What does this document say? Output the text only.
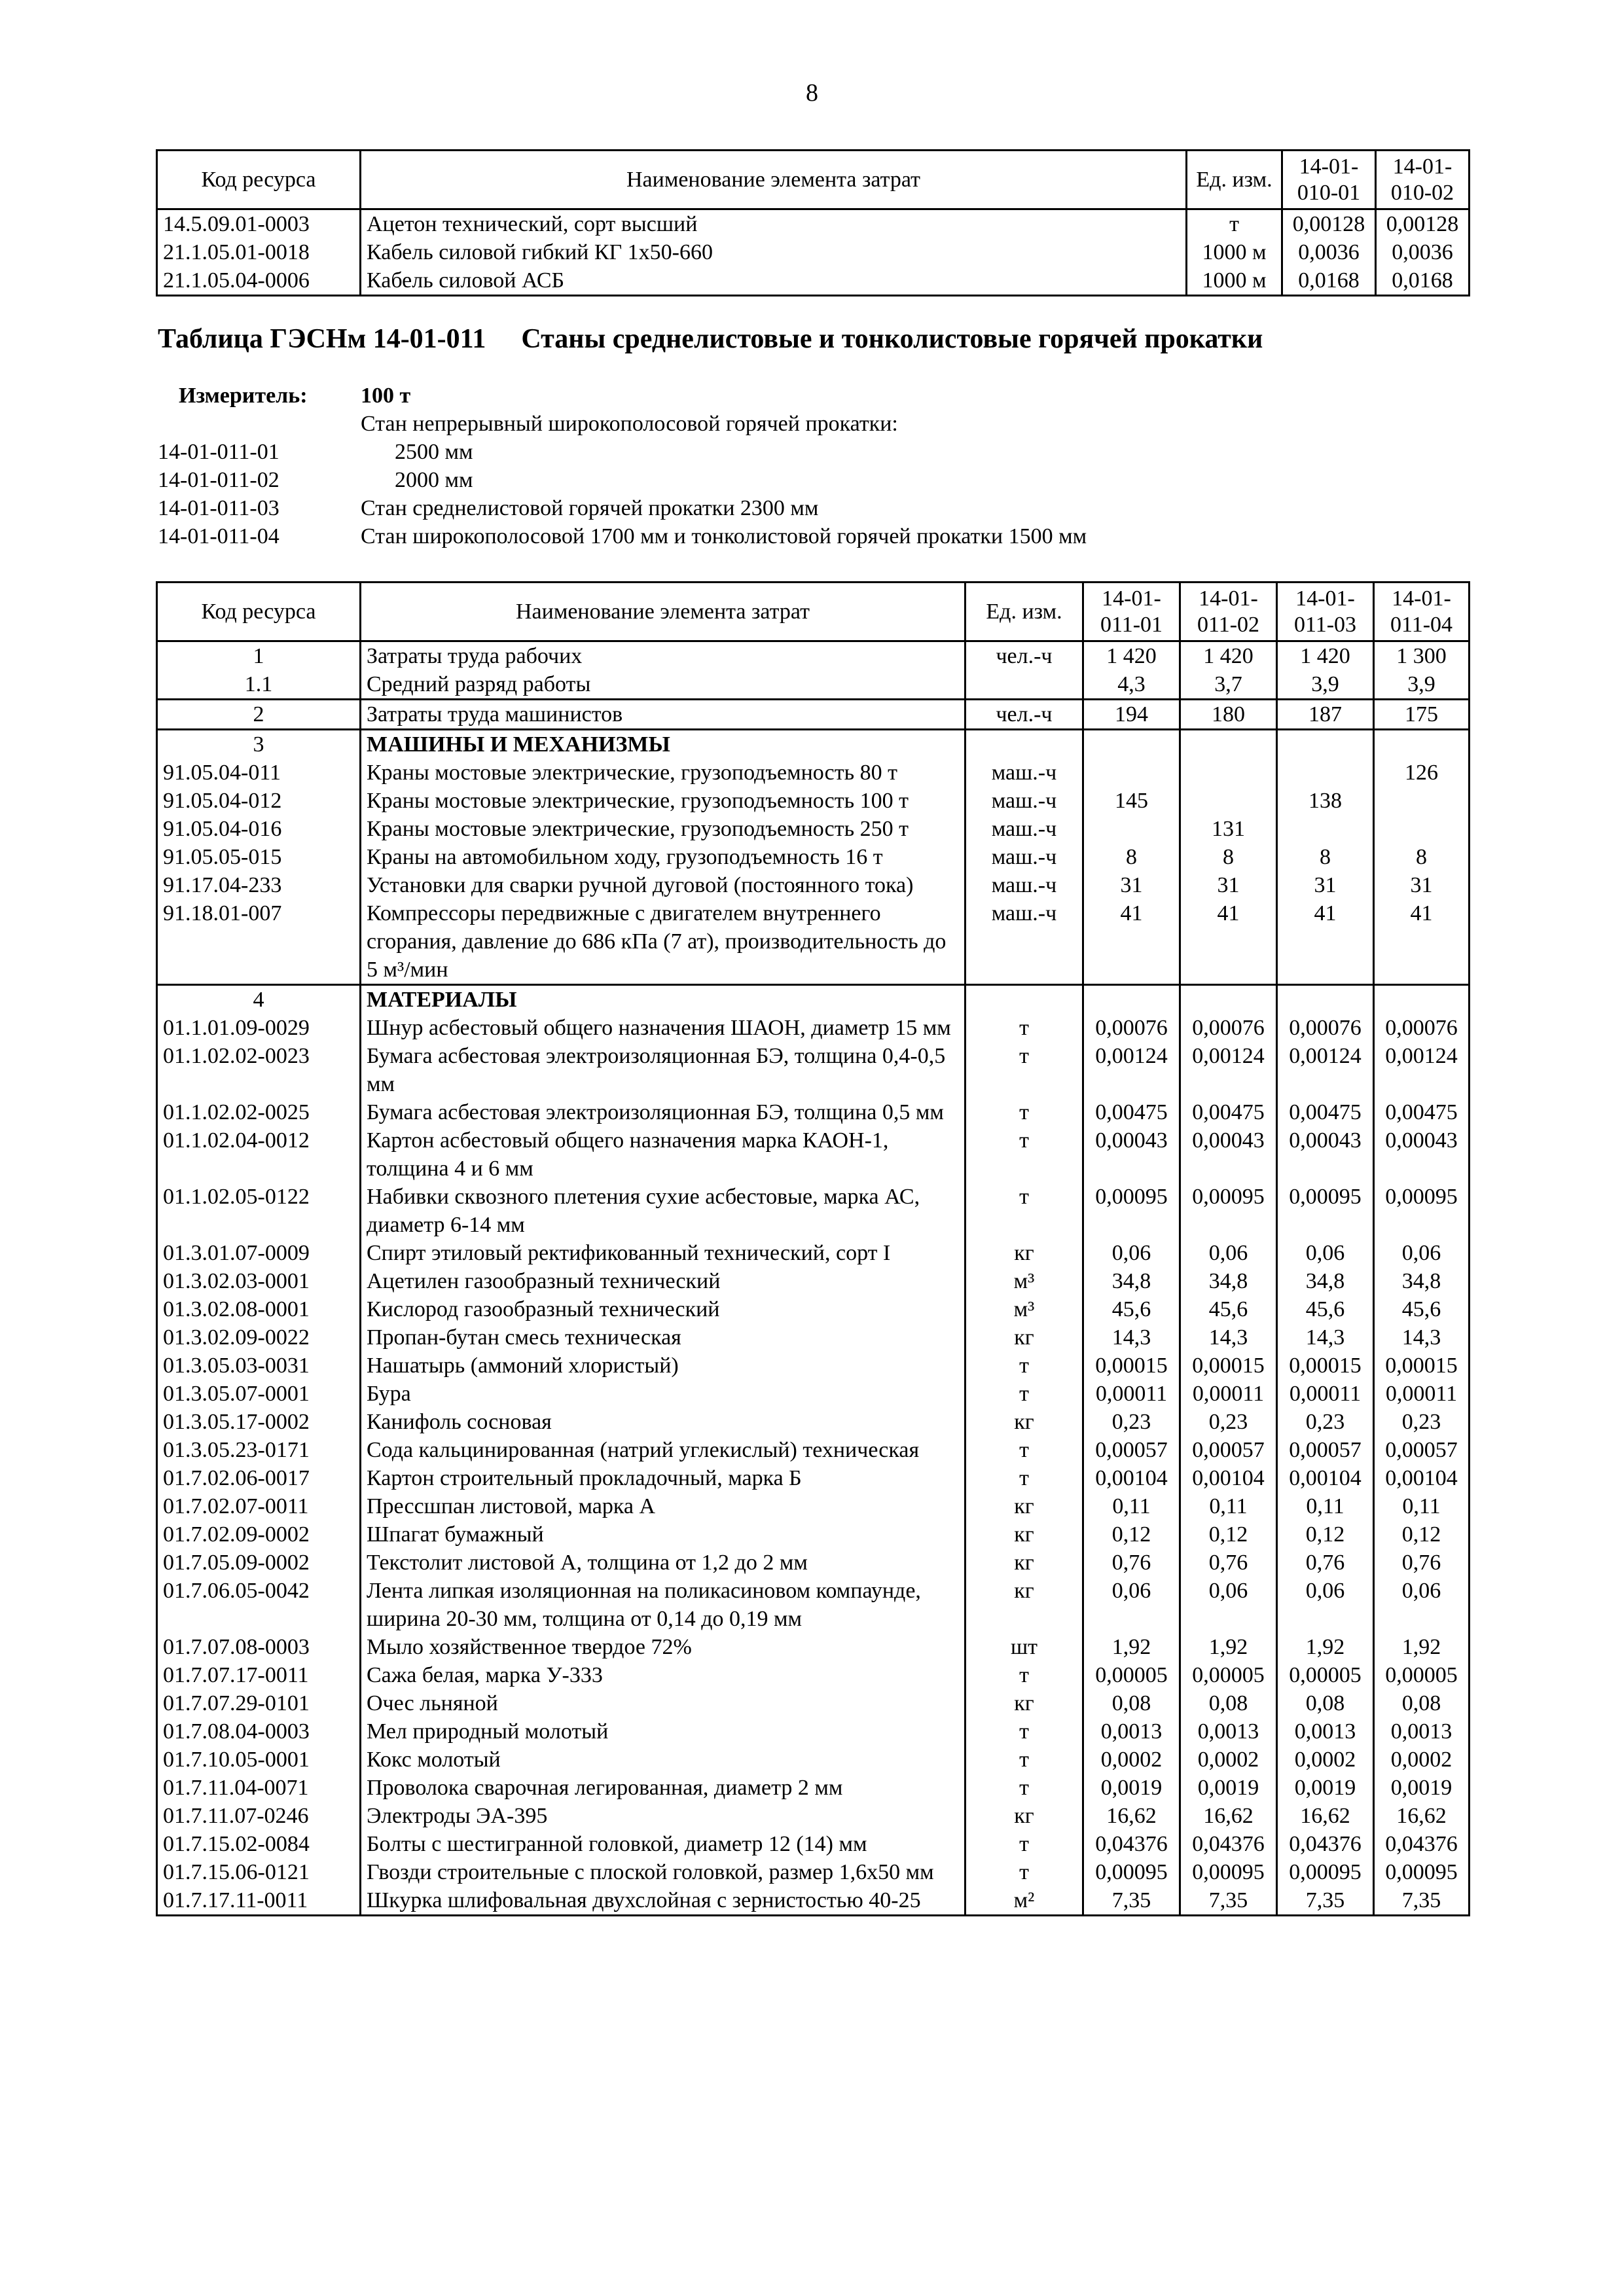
8
Код ресурса	Наименование элемента затрат	Ед. изм.	14-01-010-01	14-01-010-02
14.5.09.01-0003	Ацетон технический, сорт высший	т	0,00128	0,00128
21.1.05.01-0018	Кабель силовой гибкий КГ 1х50-660	1000 м	0,0036	0,0036
21.1.05.04-0006	Кабель силовой АСБ	1000 м	0,0168	0,0168
Таблица ГЭСНм 14-01-011 Станы среднелистовые и тонколистовые горячей прокатки
Измеритель:	100 т
Стан непрерывный широкополосовой горячей прокатки:
14-01-011-01	2500 мм
14-01-011-02	2000 мм
14-01-011-03	Стан среднелистовой горячей прокатки 2300 мм
14-01-011-04	Стан широкополосовой 1700 мм и тонколистовой горячей прокатки 1500 мм
Код ресурса	Наименование элемента затрат	Ед. изм.	14-01-011-01	14-01-011-02	14-01-011-03	14-01-011-04
1	Затраты труда рабочих	чел.-ч	1 420	1 420	1 420	1 300
1.1	Средний разряд работы		4,3	3,7	3,9	3,9
2	Затраты труда машинистов	чел.-ч	194	180	187	175
3	МАШИНЫ И МЕХАНИЗМЫ					
91.05.04-011	Краны мостовые электрические, грузоподъемность 80 т	маш.-ч				126
91.05.04-012	Краны мостовые электрические, грузоподъемность 100 т	маш.-ч	145		138	
91.05.04-016	Краны мостовые электрические, грузоподъемность 250 т	маш.-ч		131		
91.05.05-015	Краны на автомобильном ходу, грузоподъемность 16 т	маш.-ч	8	8	8	8
91.17.04-233	Установки для сварки ручной дуговой (постоянного тока)	маш.-ч	31	31	31	31
91.18.01-007	Компрессоры передвижные с двигателем внутреннего сгорания, давление до 686 кПа (7 ат), производительность до 5 м³/мин	маш.-ч	41	41	41	41
4	МАТЕРИАЛЫ					
01.1.01.09-0029	Шнур асбестовый общего назначения ШАОН, диаметр 15 мм	т	0,00076	0,00076	0,00076	0,00076
01.1.02.02-0023	Бумага асбестовая электроизоляционная БЭ, толщина 0,4-0,5 мм	т	0,00124	0,00124	0,00124	0,00124
01.1.02.02-0025	Бумага асбестовая электроизоляционная БЭ, толщина 0,5 мм	т	0,00475	0,00475	0,00475	0,00475
01.1.02.04-0012	Картон асбестовый общего назначения марка КАОН-1, толщина 4 и 6 мм	т	0,00043	0,00043	0,00043	0,00043
01.1.02.05-0122	Набивки сквозного плетения сухие асбестовые, марка АС, диаметр 6-14 мм	т	0,00095	0,00095	0,00095	0,00095
01.3.01.07-0009	Спирт этиловый ректификованный технический, сорт I	кг	0,06	0,06	0,06	0,06
01.3.02.03-0001	Ацетилен газообразный технический	м³	34,8	34,8	34,8	34,8
01.3.02.08-0001	Кислород газообразный технический	м³	45,6	45,6	45,6	45,6
01.3.02.09-0022	Пропан-бутан смесь техническая	кг	14,3	14,3	14,3	14,3
01.3.05.03-0031	Нашатырь (аммоний хлористый)	т	0,00015	0,00015	0,00015	0,00015
01.3.05.07-0001	Бура	т	0,00011	0,00011	0,00011	0,00011
01.3.05.17-0002	Канифоль сосновая	кг	0,23	0,23	0,23	0,23
01.3.05.23-0171	Сода кальцинированная (натрий углекислый) техническая	т	0,00057	0,00057	0,00057	0,00057
01.7.02.06-0017	Картон строительный прокладочный, марка Б	т	0,00104	0,00104	0,00104	0,00104
01.7.02.07-0011	Прессшпан листовой, марка А	кг	0,11	0,11	0,11	0,11
01.7.02.09-0002	Шпагат бумажный	кг	0,12	0,12	0,12	0,12
01.7.05.09-0002	Текстолит листовой А, толщина от 1,2 до 2 мм	кг	0,76	0,76	0,76	0,76
01.7.06.05-0042	Лента липкая изоляционная на поликасиновом компаунде, ширина 20-30 мм, толщина от 0,14 до 0,19 мм	кг	0,06	0,06	0,06	0,06
01.7.07.08-0003	Мыло хозяйственное твердое 72%	шт	1,92	1,92	1,92	1,92
01.7.07.17-0011	Сажа белая, марка У-333	т	0,00005	0,00005	0,00005	0,00005
01.7.07.29-0101	Очес льняной	кг	0,08	0,08	0,08	0,08
01.7.08.04-0003	Мел природный молотый	т	0,0013	0,0013	0,0013	0,0013
01.7.10.05-0001	Кокс молотый	т	0,0002	0,0002	0,0002	0,0002
01.7.11.04-0071	Проволока сварочная легированная, диаметр 2 мм	т	0,0019	0,0019	0,0019	0,0019
01.7.11.07-0246	Электроды ЭА-395	кг	16,62	16,62	16,62	16,62
01.7.15.02-0084	Болты с шестигранной головкой, диаметр 12 (14) мм	т	0,04376	0,04376	0,04376	0,04376
01.7.15.06-0121	Гвозди строительные с плоской головкой, размер 1,6х50 мм	т	0,00095	0,00095	0,00095	0,00095
01.7.17.11-0011	Шкурка шлифовальная двухслойная с зернистостью 40-25	м²	7,35	7,35	7,35	7,35
